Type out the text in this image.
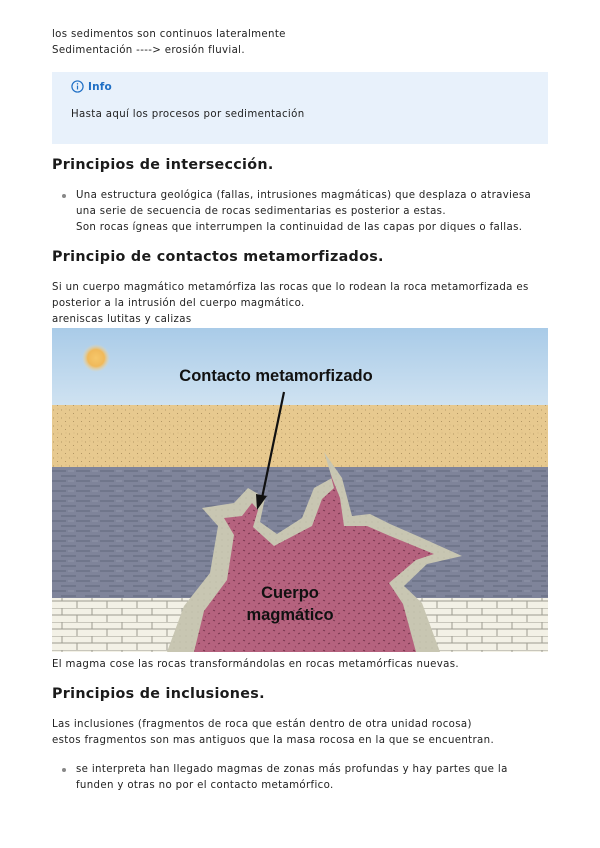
los sedimentos son continuos lateralmente
Sedimentación ----> erosión fluvial.
Info
Hasta aquí los procesos por sedimentación
Principios de intersección.
Una estructura geológica (fallas, intrusiones magmáticas) que desplaza o atraviesa
una serie de secuencia de rocas sedimentarias es posterior a estas.
Son rocas ígneas que interrumpen la continuidad de las capas por diques o fallas.
Principio de contactos metamorfizados.
Si un cuerpo magmático metamórfiza las rocas que lo rodean la roca metamorfizada es
posterior a la intrusión del cuerpo magmático.
areniscas lutitas y calizas
Contacto metamorfizado
Cuerpo
magmático
El magma cose las rocas transformándolas en rocas metamórficas nuevas.
Principios de inclusiones.
Las inclusiones (fragmentos de roca que están dentro de otra unidad rocosa)
estos fragmentos son mas antiguos que la masa rocosa en la que se encuentran.
se interpreta han llegado magmas de zonas más profundas y hay partes que la
funden y otras no por el contacto metamórfico.
